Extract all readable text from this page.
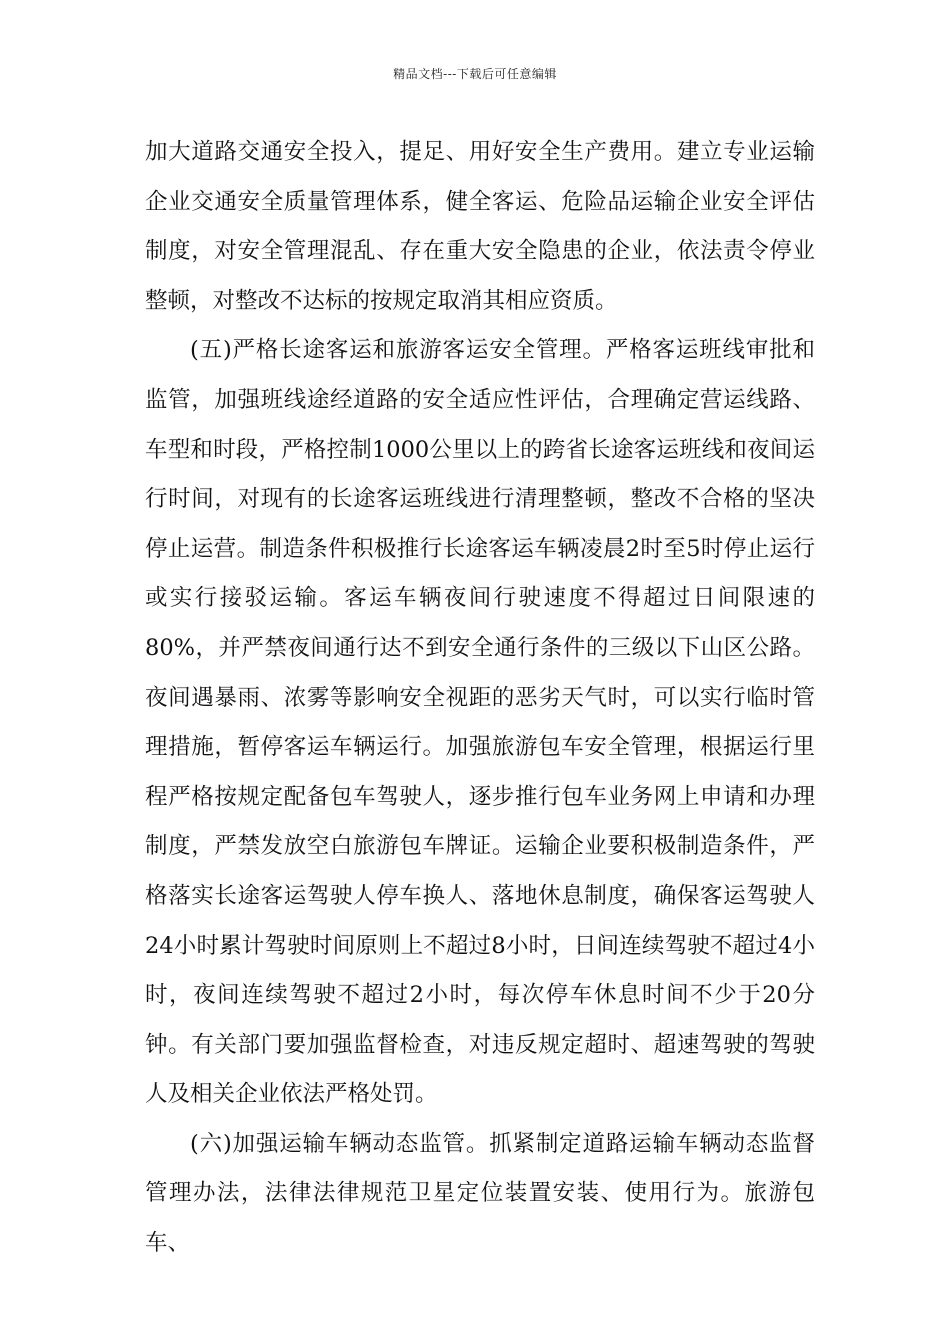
精品文档---下载后可任意编辑

加大道路交通安全投入，提足、用好安全生产费用。建立专业运输企业交通安全质量管理体系，健全客运、危险品运输企业安全评估制度，对安全管理混乱、存在重大安全隐患的企业，依法责令停业整顿，对整改不达标的按规定取消其相应资质。

(五)严格长途客运和旅游客运安全管理。严格客运班线审批和监管，加强班线途经道路的安全适应性评估，合理确定营运线路、车型和时段，严格控制1000公里以上的跨省长途客运班线和夜间运行时间，对现有的长途客运班线进行清理整顿，整改不合格的坚决停止运营。制造条件积极推行长途客运车辆凌晨2时至5时停止运行或实行接驳运输。客运车辆夜间行驶速度不得超过日间限速的80%，并严禁夜间通行达不到安全通行条件的三级以下山区公路。夜间遇暴雨、浓雾等影响安全视距的恶劣天气时，可以实行临时管理措施，暂停客运车辆运行。加强旅游包车安全管理，根据运行里程严格按规定配备包车驾驶人，逐步推行包车业务网上申请和办理制度，严禁发放空白旅游包车牌证。运输企业要积极制造条件，严格落实长途客运驾驶人停车换人、落地休息制度，确保客运驾驶人24小时累计驾驶时间原则上不超过8小时，日间连续驾驶不超过4小时，夜间连续驾驶不超过2小时，每次停车休息时间不少于20分钟。有关部门要加强监督检查，对违反规定超时、超速驾驶的驾驶人及相关企业依法严格处罚。

(六)加强运输车辆动态监管。抓紧制定道路运输车辆动态监督管理办法，法律法律规范卫星定位装置安装、使用行为。旅游包车、
